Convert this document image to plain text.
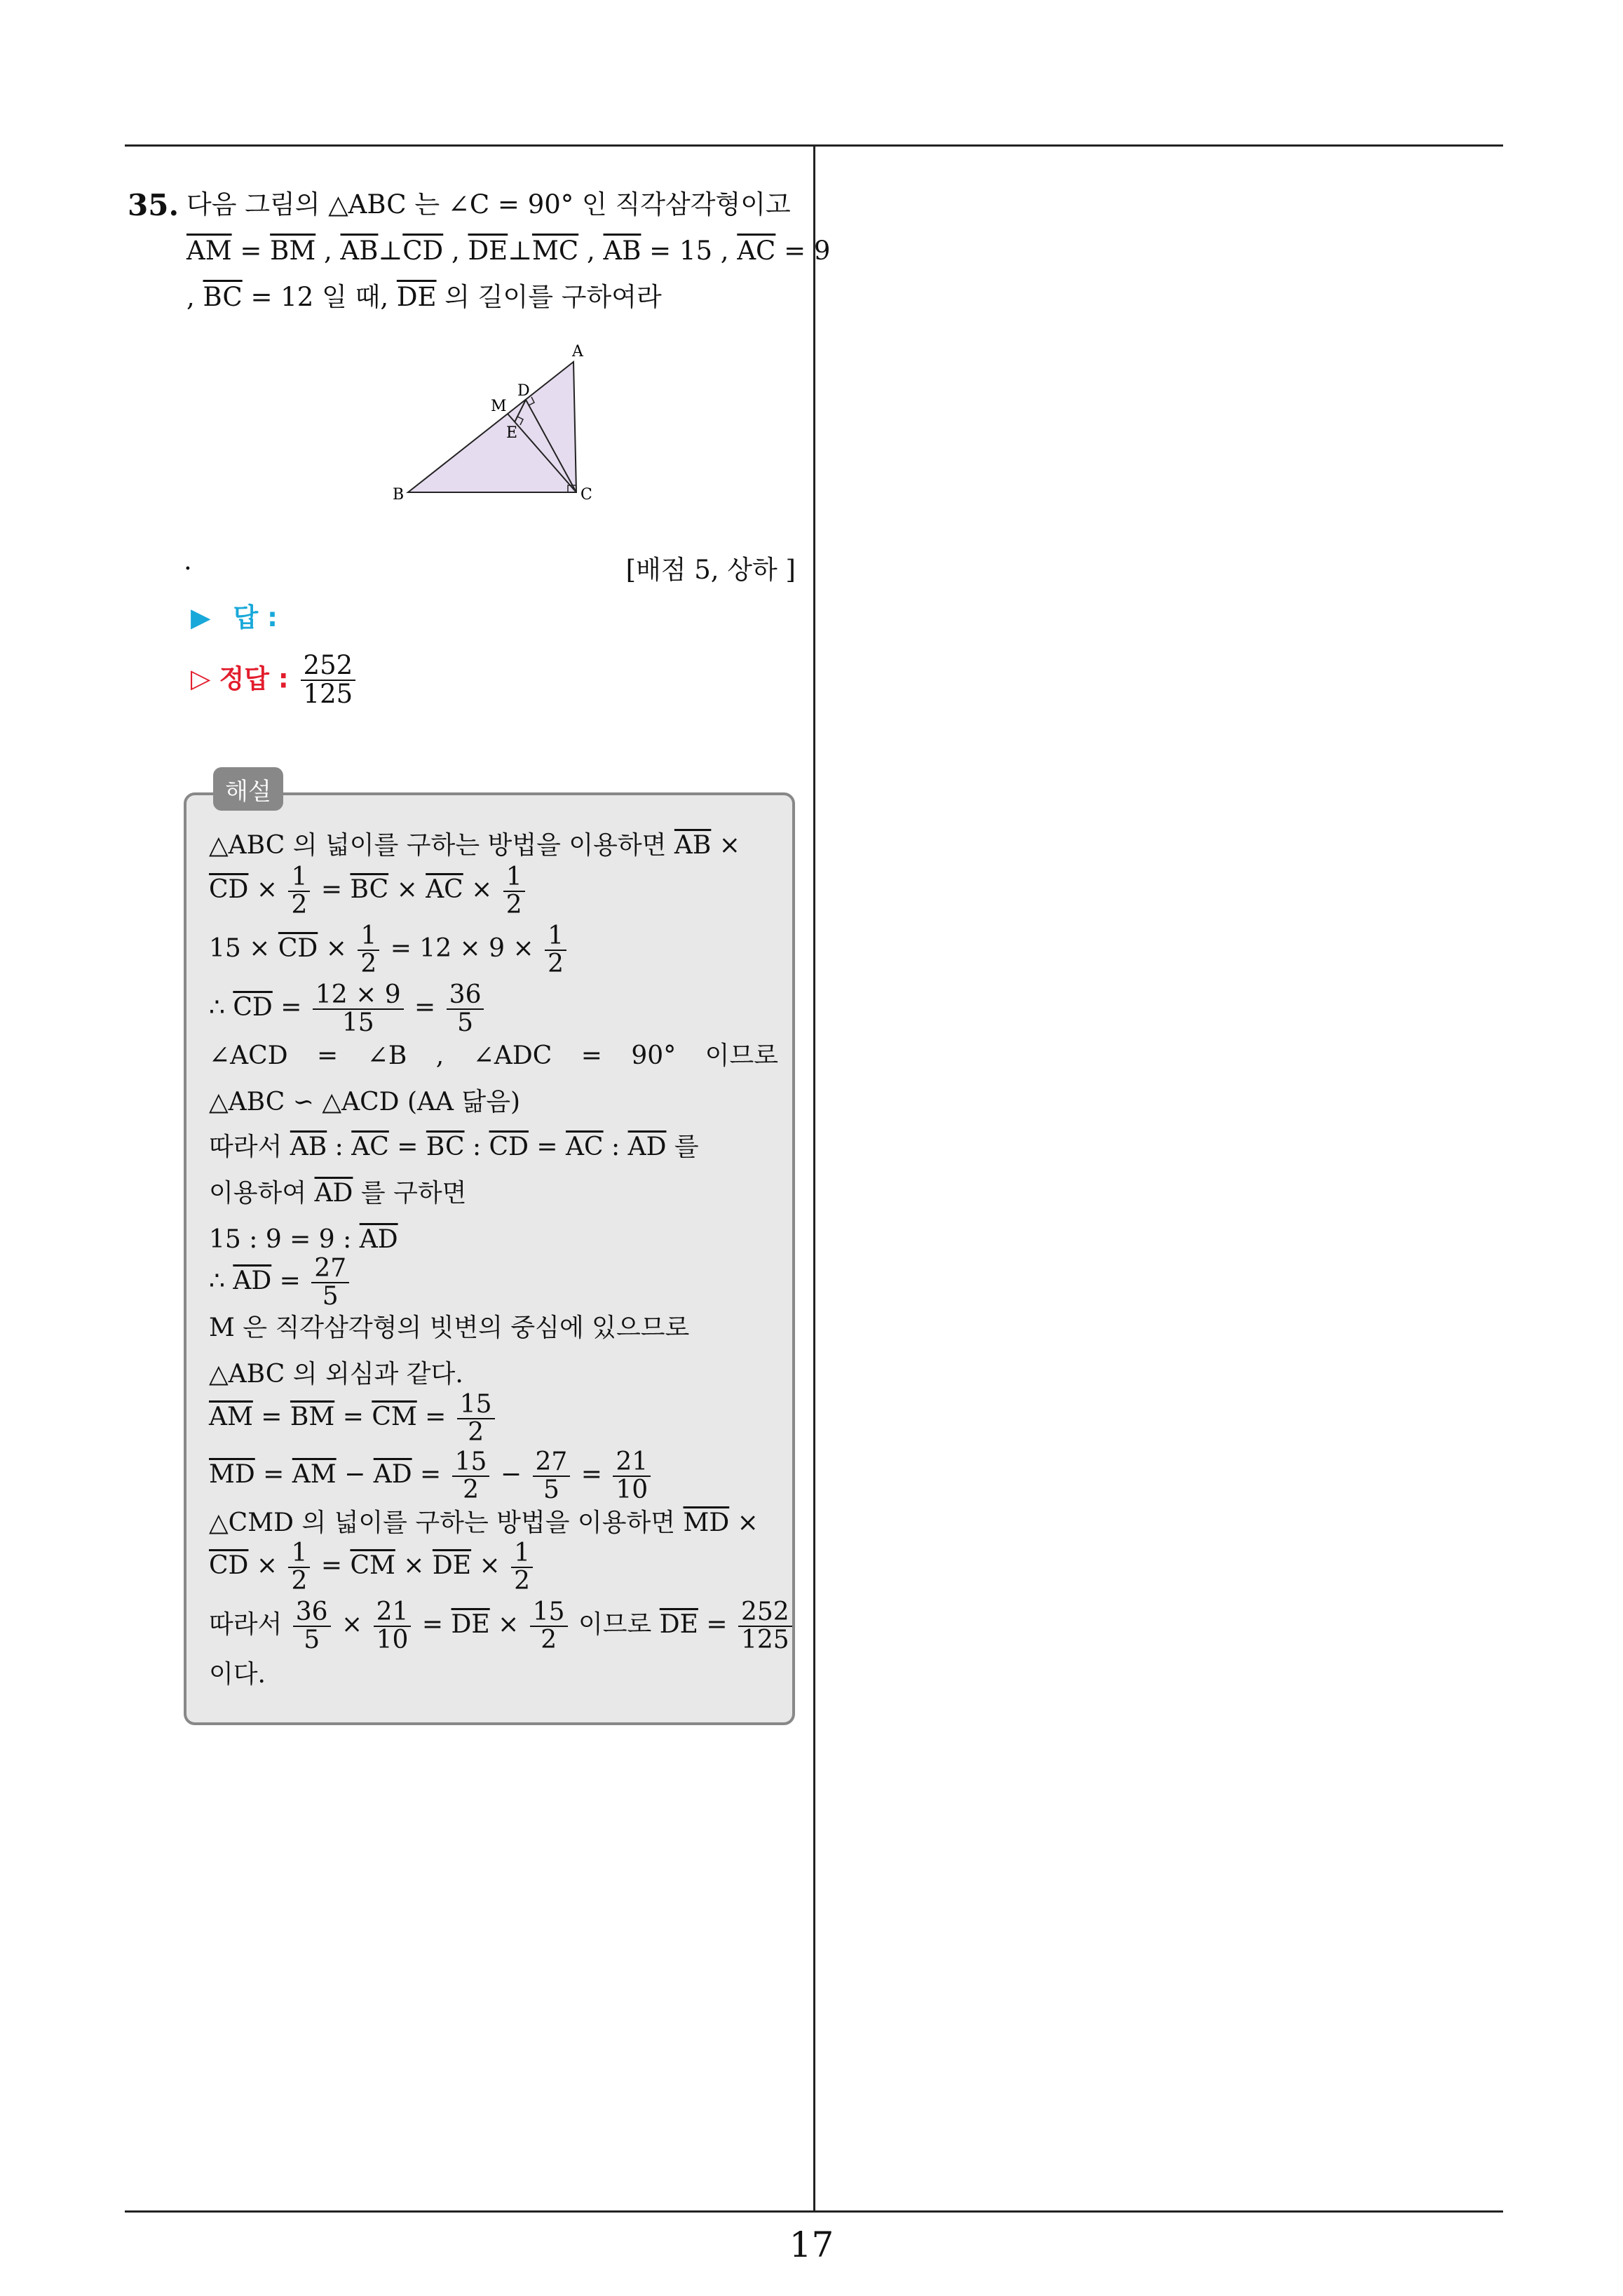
35. 다음 그림의 △ABC 는 ∠C = 90° 인 직각삼각형이고
$\overline{AM} = \overline{BM}$ , $\overline{AB}\perp\overline{CD}$ , $\overline{DE}\perp\overline{MC}$ , $\overline{AB} = 15$ , $\overline{AC} = 9$
, $\overline{BC} = 12$ 일 때, $\overline{DE}$ 의 길이를 구하여라
A
B	C
D
M
E
.	[배점 5, 상하 ]
▶ 답 :
▷ 정답 : $\frac{252}{125}$
해설
△ABC 의 넓이를 구하는 방법을 이용하면 $\overline{AB}$ ×
$\overline{CD} \times \frac{1}{2} = \overline{BC} \times \overline{AC} \times \frac{1}{2}$
$15 \times \overline{CD} \times \frac{1}{2} = 12 \times 9 \times \frac{1}{2}$
∴ $\overline{CD} = \frac{12 \times 9}{15} = \frac{36}{5}$
∠ACD = ∠B , ∠ADC = 90° 이므로
△ABC ∽ △ACD (AA 닮음)
따라서 $\overline{AB}$ : $\overline{AC} = \overline{BC}$ : $\overline{CD} = \overline{AC}$ : $\overline{AD}$ 를
이용하여 $\overline{AD}$ 를 구하면
15 : 9 = 9 : $\overline{AD}$
∴ $\overline{AD} = \frac{27}{5}$
M 은 직각삼각형의 빗변의 중심에 있으므로
△ABC 의 외심과 같다.
$\overline{AM} = \overline{BM} = \overline{CM} = \frac{15}{2}$
$\overline{MD} = \overline{AM} - \overline{AD} = \frac{15}{2} - \frac{27}{5} = \frac{21}{10}$
△CMD 의 넓이를 구하는 방법을 이용하면 $\overline{MD}$ ×
$\overline{CD} \times \frac{1}{2} = \overline{CM} \times \overline{DE} \times \frac{1}{2}$
따라서 $\frac{36}{5} \times \frac{21}{10} = \overline{DE} \times \frac{15}{2}$ 이므로 $\overline{DE} = \frac{252}{125}$
이다.
17
